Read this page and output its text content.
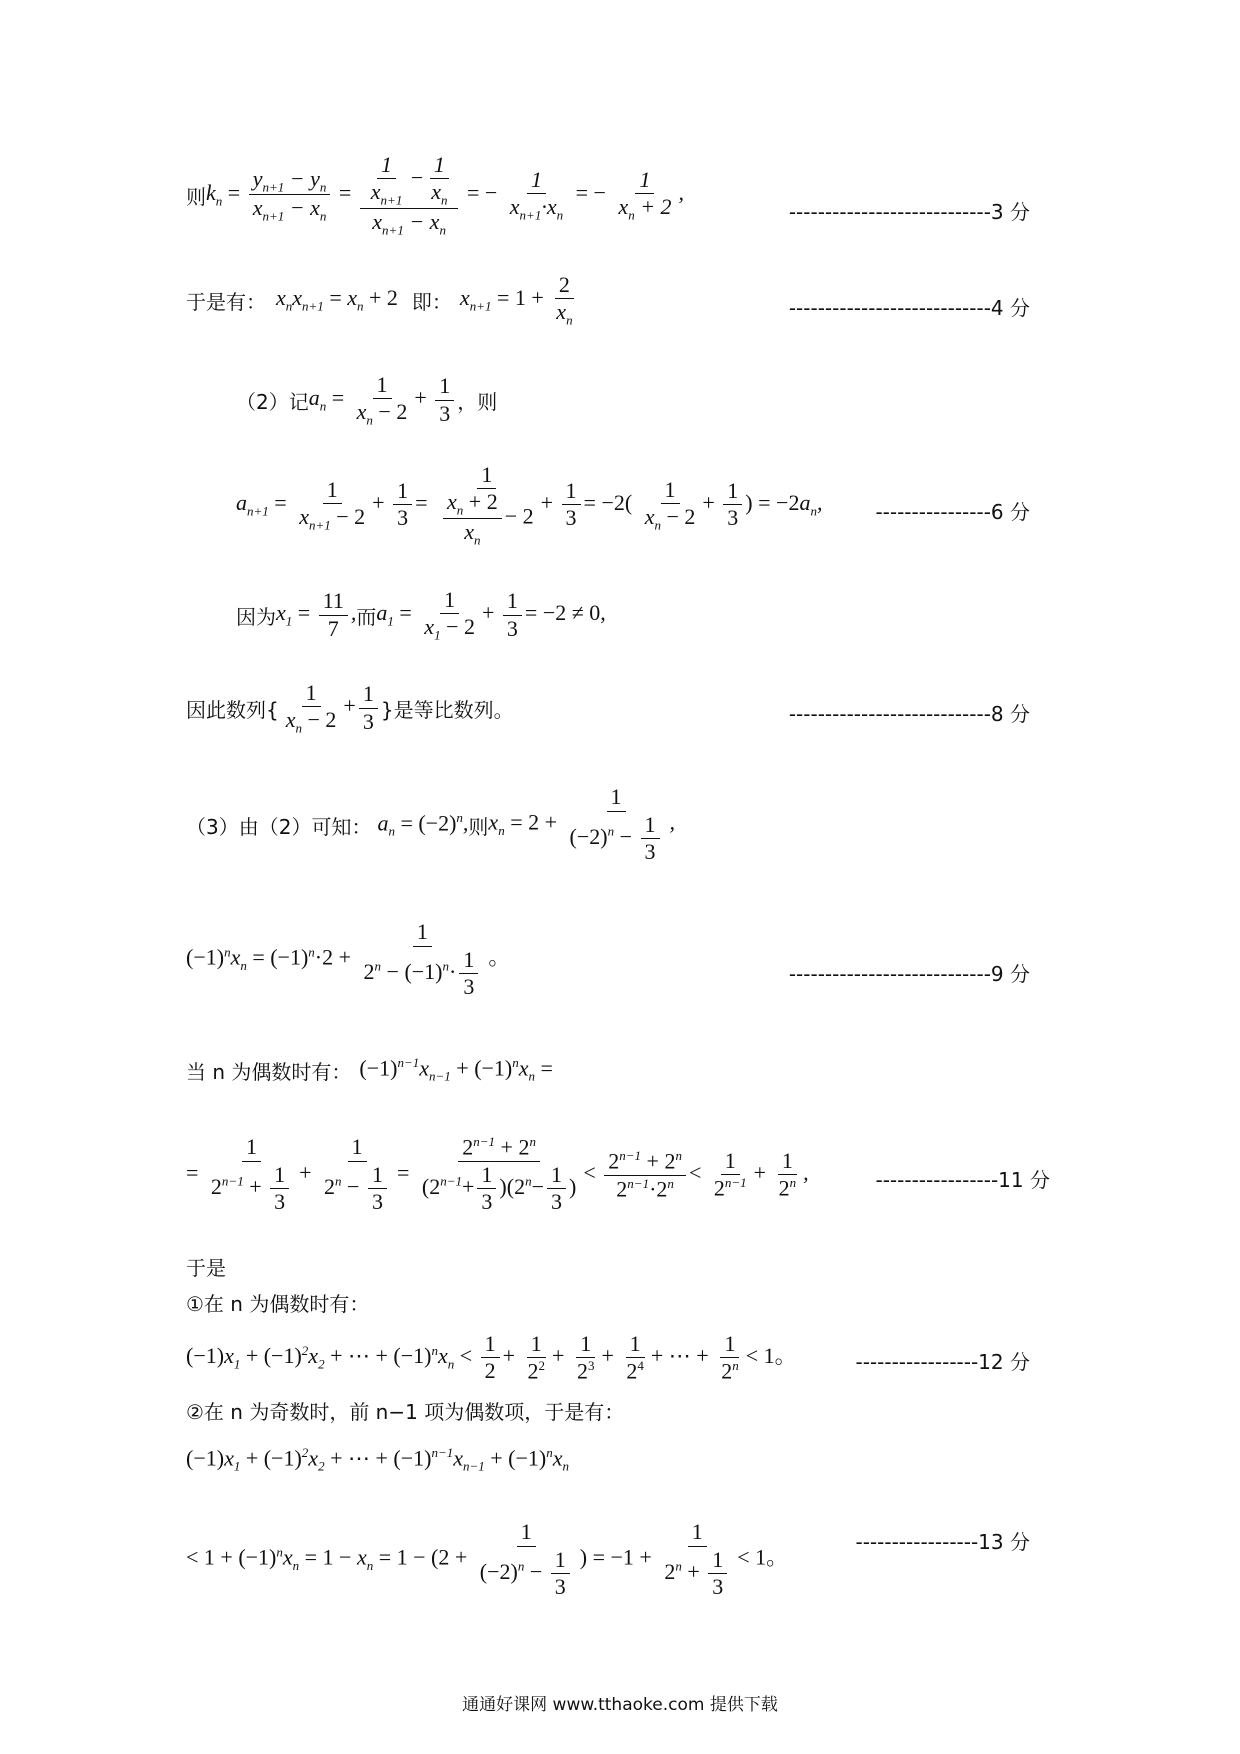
则 $k_n = \frac{y_{n+1} - y_n}{x_{n+1} - x_n} = \frac{\frac{1}{x_{n+1}} - \frac{1}{x_n}}{x_{n+1} - x_n}$ = − $\frac{1}{x_{n+1}\cdot x_n}$ = − $\frac{1}{x_n + 2}$ ,
----------------------------3 分
于是有： $x_nx_{n+1} = x_n + 2$ 即： $x_{n+1} = 1 + \frac{2}{x_n}$	----------------------------4 分
（2）记 $a_n = \frac{1}{x_n - 2} + \frac{1}{3}$ ，则
$a_{n+1} = \frac{1}{x_{n+1} - 2} + \frac{1}{3} = \frac{1}{\frac{x_n + 2}{x_n} - 2} + \frac{1}{3} = -2( \frac{1}{x_n - 2} + \frac{1}{3}$ ) = $-2a_n$,	----------------6 分
因为 $x_1 = \frac{11}{7}$ , 而 $a_1 = \frac{1}{x_1 - 2} + \frac{1}{3} = -2 \ne 0$,
因此数列{ $\frac{1}{x_n - 2} + \frac{1}{3}$ }是等比数列。	----------------------------8 分
（3）由（2）可知： $a_n = (-2)^n$, 则 $x_n = 2 + \frac{1}{(-2)^n - \frac{1}{3}}$ ,
$(-1)^nx_n = (-1)^n\cdot 2 + \frac{1}{2^n - (-1)^n\cdot \frac{1}{3}}$ 。
----------------------------9 分
当 n 为偶数时有： $(-1)^{n-1}x_{n-1} + (-1)^nx_n$ =
= $\frac{1}{2^{n-1} + \frac{1}{3}} + \frac{1}{2^n - \frac{1}{3}} = \frac{2^{n-1} + 2^n}{(2^{n-1}+ \frac{1}{3} )(2^n- \frac{1}{3} )} < \frac{2^{n-1} + 2^n}{2^{n-1}\cdot 2^n} < \frac{1}{2^{n-1}} + \frac{1}{2^n}$ ,	-----------------11 分
于是
①在 n 为偶数时有：
$(-1)x_1 + (-1)^2x_2$ + ⋯ + $(-1)^nx_n < \frac{1}{2} + \frac{1}{2^2} + \frac{1}{2^3} + \frac{1}{2^4}$ + ⋯ + $\frac{1}{2^n} < 1$。	-----------------12 分
②在 n 为奇数时，前 n−1 项为偶数项，于是有：
$(-1)x_1 + (-1)^2x_2$ + ⋯ + $(-1)^{n-1}x_{n-1} + (-1)^nx_n$
< $1 + (-1)^nx_n = 1 - x_n = 1 - (2 + \frac{1}{(-2)^n - \frac{1}{3}}$ ) = $-1 + \frac{1}{2^n + \frac{1}{3}} < 1$。
-----------------13 分
通通好课网 www.tthaoke.com 提供下载
